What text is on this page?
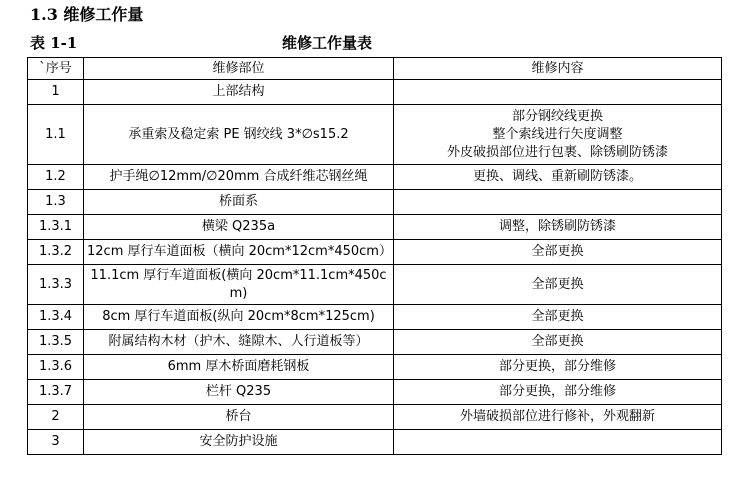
1.3 维修工作量
表 1-1	维修工作量表
`序号	维修部位	维修内容
1	上部结构	
1.1	承重索及稳定索 PE 钢绞线 3*∅s15.2	部分钢绞线更换
整个索线进行矢度调整
外皮破损部位进行包裹、除锈刷防锈漆

1.2	护手绳∅12mm/∅20mm 合成纤维芯钢丝绳	更换、调线、重新刷防锈漆。
1.3	桥面系	
1.3.1	横梁 Q235a	调整，除锈刷防锈漆
1.3.2	12cm 厚行车道面板（横向 20cm*12cm*450cm）	全部更换
1.3.3	11.1cm 厚行车道面板(横向 20cm*11.1cm*450cm)	全部更换
1.3.4	8cm 厚行车道面板(纵向 20cm*8cm*125cm)	全部更换
1.3.5	附属结构木材（护木、缝隙木、人行道板等）	全部更换
1.3.6	6mm 厚木桥面磨耗钢板	部分更换，部分维修
1.3.7	栏杆 Q235	部分更换，部分维修
2	桥台	外墙破损部位进行修补，外观翻新
3	安全防护设施	
